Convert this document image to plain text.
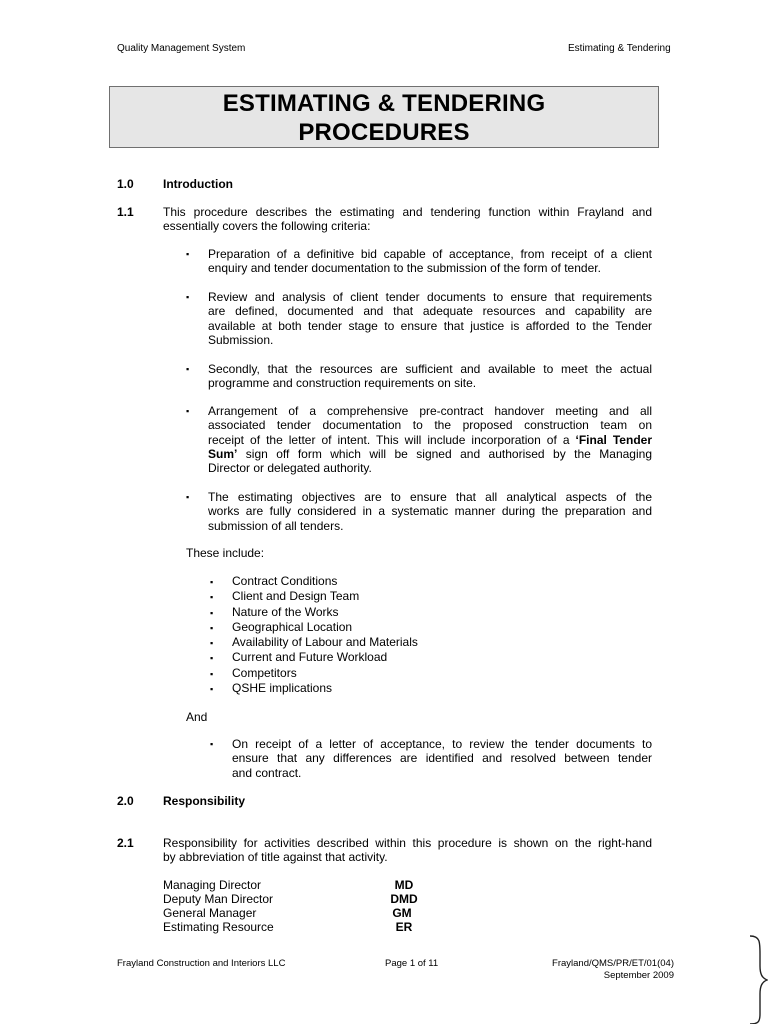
Quality Management System	Estimating & Tendering
ESTIMATING & TENDERING
PROCEDURES
1.0 Introduction
1.1 This procedure describes the estimating and tendering function within Frayland and
essentially covers the following criteria:
▪ Preparation of a definitive bid capable of acceptance, from receipt of a client
enquiry and tender documentation to the submission of the form of tender.
▪ Review and analysis of client tender documents to ensure that requirements
are defined, documented and that adequate resources and capability are
available at both tender stage to ensure that justice is afforded to the Tender
Submission.
▪ Secondly, that the resources are sufficient and available to meet the actual
programme and construction requirements on site.
▪ Arrangement of a comprehensive pre-contract handover meeting and all
associated tender documentation to the proposed construction team on
receipt of the letter of intent. This will include incorporation of a ‘Final Tender
Sum’ sign off form which will be signed and authorised by the Managing
Director or delegated authority.
▪ The estimating objectives are to ensure that all analytical aspects of the
works are fully considered in a systematic manner during the preparation and
submission of all tenders.
These include:
▪ Contract Conditions
▪ Client and Design Team
▪ Nature of the Works
▪ Geographical Location
▪ Availability of Labour and Materials
▪ Current and Future Workload
▪ Competitors
▪ QSHE implications
And
▪ On receipt of a letter of acceptance, to review the tender documents to
ensure that any differences are identified and resolved between tender
and contract.
2.0 Responsibility
2.1 Responsibility for activities described within this procedure is shown on the right-hand
by abbreviation of title against that activity.
Managing Director	MD
Deputy Man Director	DMD
General Manager	GM
Estimating Resource	ER
Frayland Construction and Interiors LLC	Page 1 of 11	Frayland/QMS/PR/ET/01(04)
September 2009
